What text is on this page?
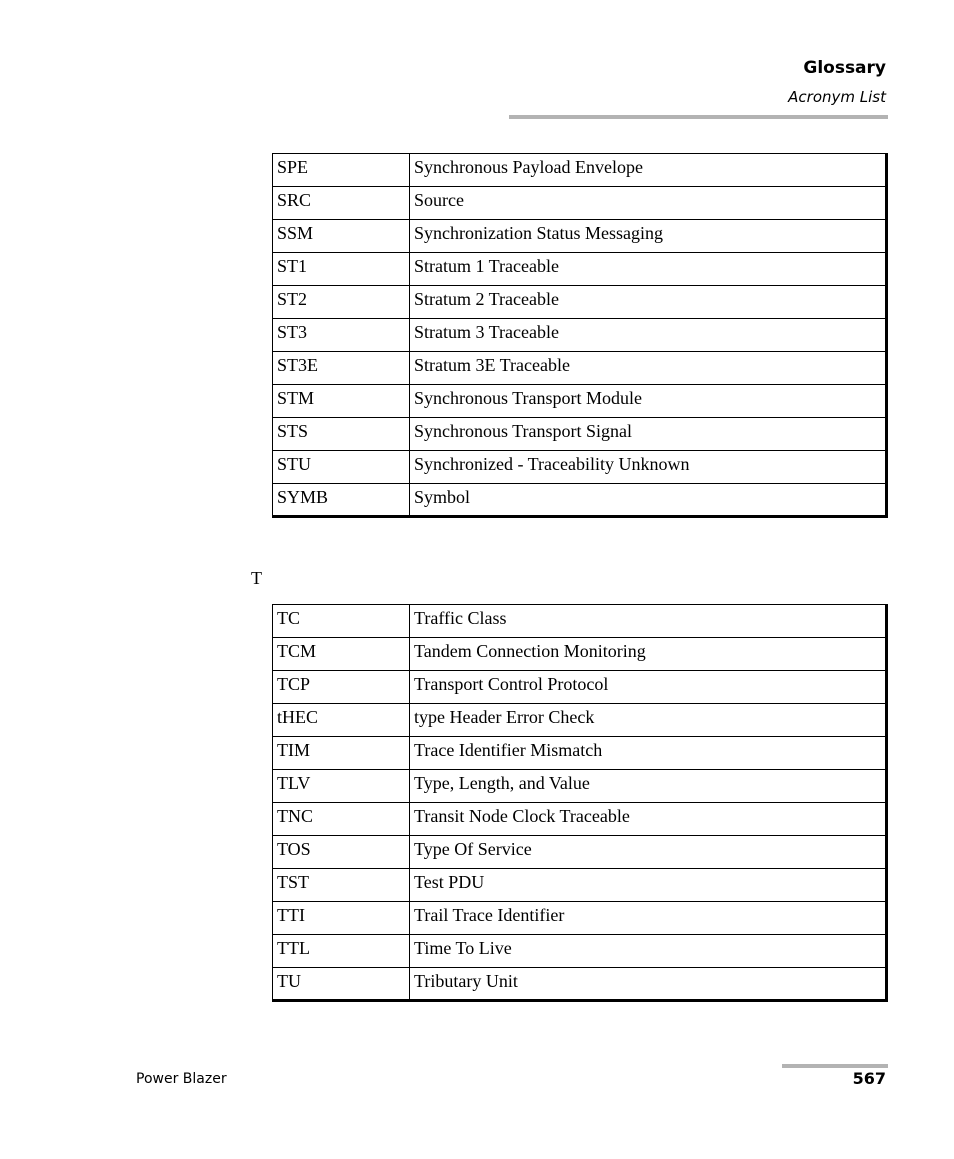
Glossary
Acronym List
SPE	Synchronous Payload Envelope
SRC	Source
SSM	Synchronization Status Messaging
ST1	Stratum 1 Traceable
ST2	Stratum 2 Traceable
ST3	Stratum 3 Traceable
ST3E	Stratum 3E Traceable
STM	Synchronous Transport Module
STS	Synchronous Transport Signal
STU	Synchronized - Traceability Unknown
SYMB	Symbol
T
TC	Traffic Class
TCM	Tandem Connection Monitoring
TCP	Transport Control Protocol
tHEC	type Header Error Check
TIM	Trace Identifier Mismatch
TLV	Type, Length, and Value
TNC	Transit Node Clock Traceable
TOS	Type Of Service
TST	Test PDU
TTI	Trail Trace Identifier
TTL	Time To Live
TU	Tributary Unit
Power Blazer	567
